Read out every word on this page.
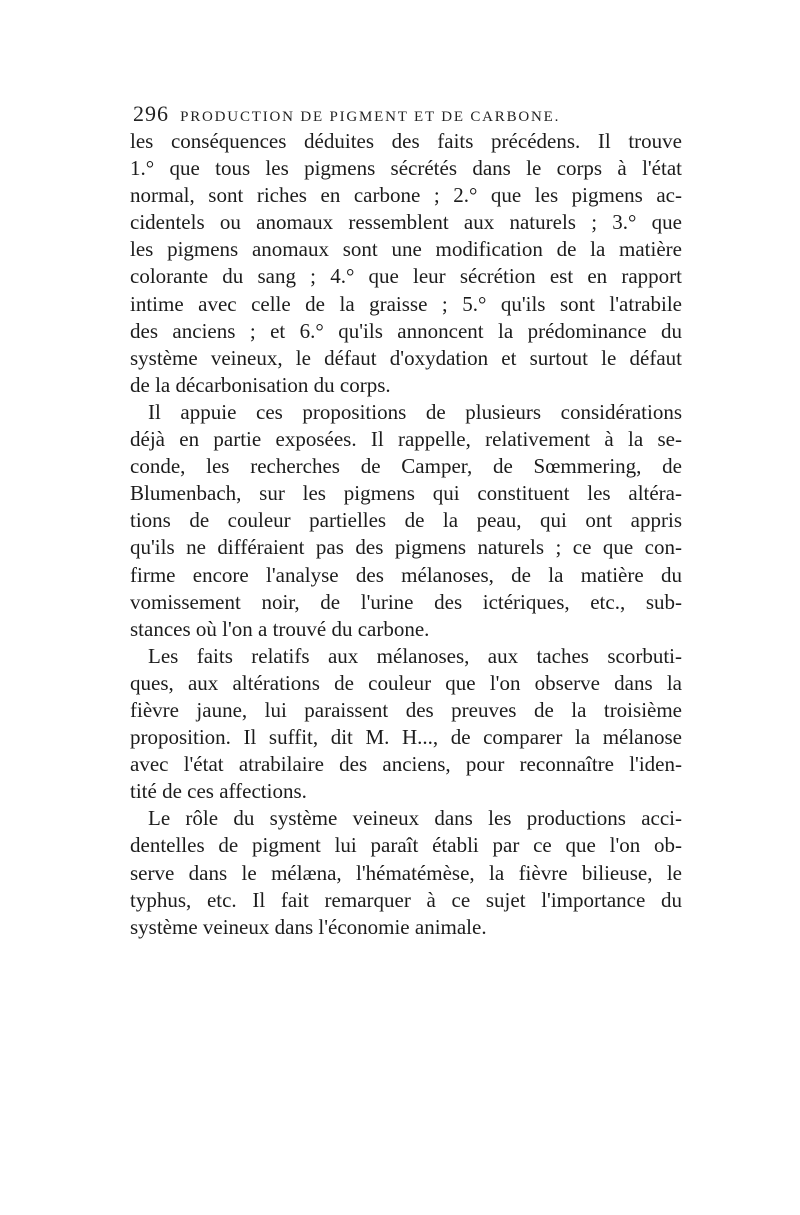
296 PRODUCTION DE PIGMENT ET DE CARBONE.
les conséquences déduites des faits précédens. Il trouve
1.° que tous les pigmens sécrétés dans le corps à l'état
normal, sont riches en carbone ; 2.° que les pigmens ac-
cidentels ou anomaux ressemblent aux naturels ; 3.° que
les pigmens anomaux sont une modification de la matière
colorante du sang ; 4.° que leur sécrétion est en rapport
intime avec celle de la graisse ; 5.° qu'ils sont l'atrabile
des anciens ; et 6.° qu'ils annoncent la prédominance du
système veineux, le défaut d'oxydation et surtout le défaut
de la décarbonisation du corps.
Il appuie ces propositions de plusieurs considérations
déjà en partie exposées. Il rappelle, relativement à la se-
conde, les recherches de Camper, de Sœmmering, de
Blumenbach, sur les pigmens qui constituent les altéra-
tions de couleur partielles de la peau, qui ont appris
qu'ils ne différaient pas des pigmens naturels ; ce que con-
firme encore l'analyse des mélanoses, de la matière du
vomissement noir, de l'urine des ictériques, etc., sub-
stances où l'on a trouvé du carbone.
Les faits relatifs aux mélanoses, aux taches scorbuti-
ques, aux altérations de couleur que l'on observe dans la
fièvre jaune, lui paraissent des preuves de la troisième
proposition. Il suffit, dit M. H..., de comparer la mélanose
avec l'état atrabilaire des anciens, pour reconnaître l'iden-
tité de ces affections.
Le rôle du système veineux dans les productions acci-
dentelles de pigment lui paraît établi par ce que l'on ob-
serve dans le mélæna, l'hématémèse, la fièvre bilieuse, le
typhus, etc. Il fait remarquer à ce sujet l'importance du
système veineux dans l'économie animale.
